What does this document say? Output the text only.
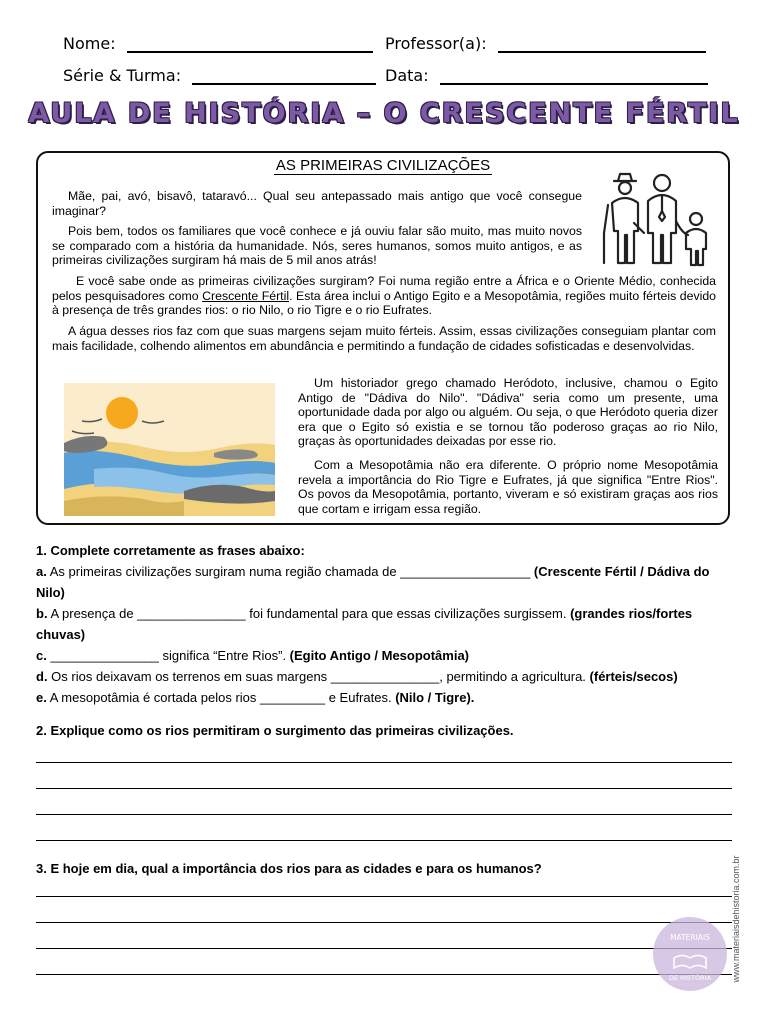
Nome:	Professor(a):
Série & Turma:	Data:
AULA DE HISTÓRIA – O CRESCENTE FÉRTIL
AS PRIMEIRAS CIVILIZAÇÕES

Mãe, pai, avó, bisavô, tataravó... Qual seu antepassado mais antigo que você consegue imaginar?

Pois bem, todos os familiares que você conhece e já ouviu falar são muito, mas muito novos se comparado com a história da humanidade. Nós, seres humanos, somos muito antigos, e as primeiras civilizações surgiram há mais de 5 mil anos atrás!

E você sabe onde as primeiras civilizações surgiram? Foi numa região entre a África e o Oriente Médio, conhecida pelos pesquisadores como Crescente Fértil. Esta área inclui o Antigo Egito e a Mesopotâmia, regiões muito férteis devido à presença de três grandes rios: o rio Nilo, o rio Tigre e o rio Eufrates.

A água desses rios faz com que suas margens sejam muito férteis. Assim, essas civilizações conseguiam plantar com mais facilidade, colhendo alimentos em abundância e permitindo a fundação de cidades sofisticadas e desenvolvidas.

Um historiador grego chamado Heródoto, inclusive, chamou o Egito Antigo de "Dádiva do Nilo". "Dádiva" seria como um presente, uma oportunidade dada por algo ou alguém. Ou seja, o que Heródoto queria dizer era que o Egito só existia e se tornou tão poderoso graças ao rio Nilo, graças às oportunidades deixadas por esse rio.

Com a Mesopotâmia não era diferente. O próprio nome Mesopotâmia revela a importância do Rio Tigre e Eufrates, já que significa "Entre Rios". Os povos da Mesopotâmia, portanto, viveram e só existiram graças aos rios que cortam e irrigam essa região.

1. Complete corretamente as frases abaixo:
a. As primeiras civilizações surgiram numa região chamada de __________________ (Crescente Fértil / Dádiva do Nilo)
b. A presença de _______________ foi fundamental para que essas civilizações surgissem. (grandes rios/fortes chuvas)
c. _______________ significa “Entre Rios”. (Egito Antigo / Mesopotâmia)
d. Os rios deixavam os terrenos em suas margens _______________, permitindo a agricultura. (férteis/secos)
e. A mesopotâmia é cortada pelos rios _________ e Eufrates. (Nilo / Tigre).
2. Explique como os rios permitiram o surgimento das primeiras civilizações.
3. E hoje em dia, qual a importância dos rios para as cidades e para os humanos?
MATERIAIS
DE HISTÓRIA www.materiaisdehistoria.com.br
